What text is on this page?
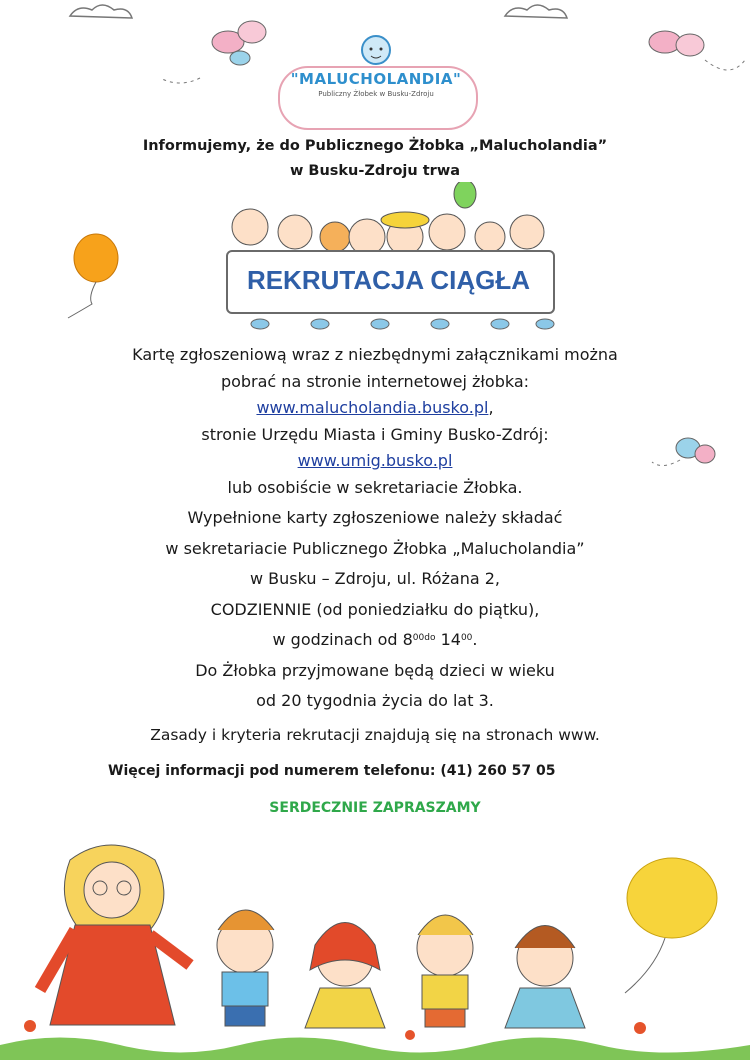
"MALUCHOLANDIA"
Publiczny Żłobek w Busku-Zdroju
Informujemy, że do Publicznego Żłobka „Malucholandia”
w Busku-Zdroju trwa
REKRUTACJA CIĄGŁA
Kartę zgłoszeniową wraz z niezbędnymi załącznikami można
pobrać na stronie internetowej żłobka:
www.malucholandia.busko.pl,
stronie Urzędu Miasta i Gminy Busko-Zdrój:
www.umig.busko.pl
lub osobiście w sekretariacie Żłobka.
Wypełnione karty zgłoszeniowe należy składać
w sekretariacie Publicznego Żłobka „Malucholandia”
w Busku – Zdroju, ul. Różana 2,
CODZIENNIE (od poniedziałku do piątku),
w godzinach od $8^{00do}$ $14^{00}$.
Do Żłobka przyjmowane będą dzieci w wieku
od 20 tygodnia życia do lat 3.
Zasady i kryteria rekrutacji znajdują się na stronach www.
Więcej informacji pod numerem telefonu: (41) 260 57 05
SERDECZNIE ZAPRASZAMY
